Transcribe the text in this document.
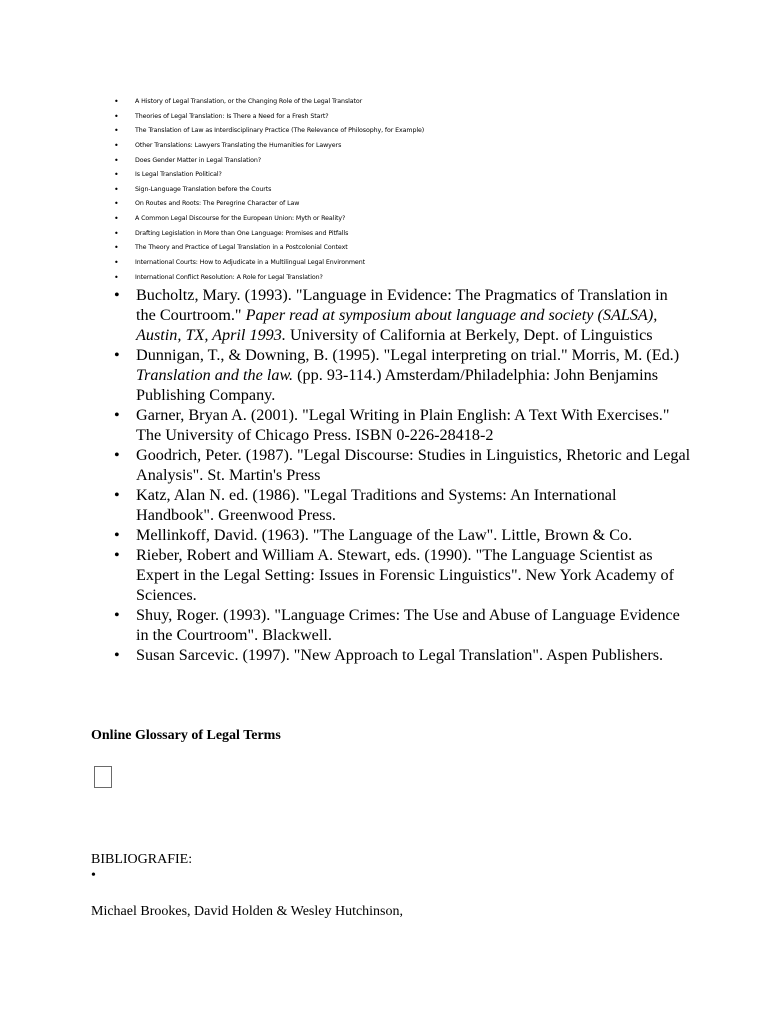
•	A History of Legal Translation, or the Changing Role of the Legal Translator
•	Theories of Legal Translation: Is There a Need for a Fresh Start?
•	The Translation of Law as Interdisciplinary Practice (The Relevance of Philosophy, for Example)
•	Other Translations: Lawyers Translating the Humanities for Lawyers
•	Does Gender Matter in Legal Translation?
•	Is Legal Translation Political?
•	Sign-Language Translation before the Courts
•	On Routes and Roots: The Peregrine Character of Law
•	A Common Legal Discourse for the European Union: Myth or Reality?
•	Drafting Legislation in More than One Language: Promises and Pitfalls
•	The Theory and Practice of Legal Translation in a Postcolonial Context
•	International Courts: How to Adjudicate in a Multilingual Legal Environment
•	International Conflict Resolution: A Role for Legal Translation?
• Bucholtz, Mary. (1993). "Language in Evidence: The Pragmatics of Translation in the Courtroom." Paper read at symposium about language and society (SALSA), Austin, TX, April 1993. University of California at Berkely, Dept. of Linguistics
• Dunnigan, T., & Downing, B. (1995). "Legal interpreting on trial." Morris, M. (Ed.) Translation and the law. (pp. 93-114.) Amsterdam/Philadelphia: John Benjamins Publishing Company.
• Garner, Bryan A. (2001). "Legal Writing in Plain English: A Text With Exercises." The University of Chicago Press. ISBN 0-226-28418-2
• Goodrich, Peter. (1987). "Legal Discourse: Studies in Linguistics, Rhetoric and Legal Analysis". St. Martin's Press
• Katz, Alan N. ed. (1986). "Legal Traditions and Systems: An International Handbook". Greenwood Press.
• Mellinkoff, David. (1963). "The Language of the Law". Little, Brown & Co.
• Rieber, Robert and William A. Stewart, eds. (1990). "The Language Scientist as Expert in the Legal Setting: Issues in Forensic Linguistics". New York Academy of Sciences.
• Shuy, Roger. (1993). "Language Crimes: The Use and Abuse of Language Evidence in the Courtroom". Blackwell.
• Susan Sarcevic. (1997). "New Approach to Legal Translation". Aspen Publishers.
Online Glossary of Legal Terms
BIBLIOGRAFIE:
•
Michael Brookes, David Holden & Wesley Hutchinson,
